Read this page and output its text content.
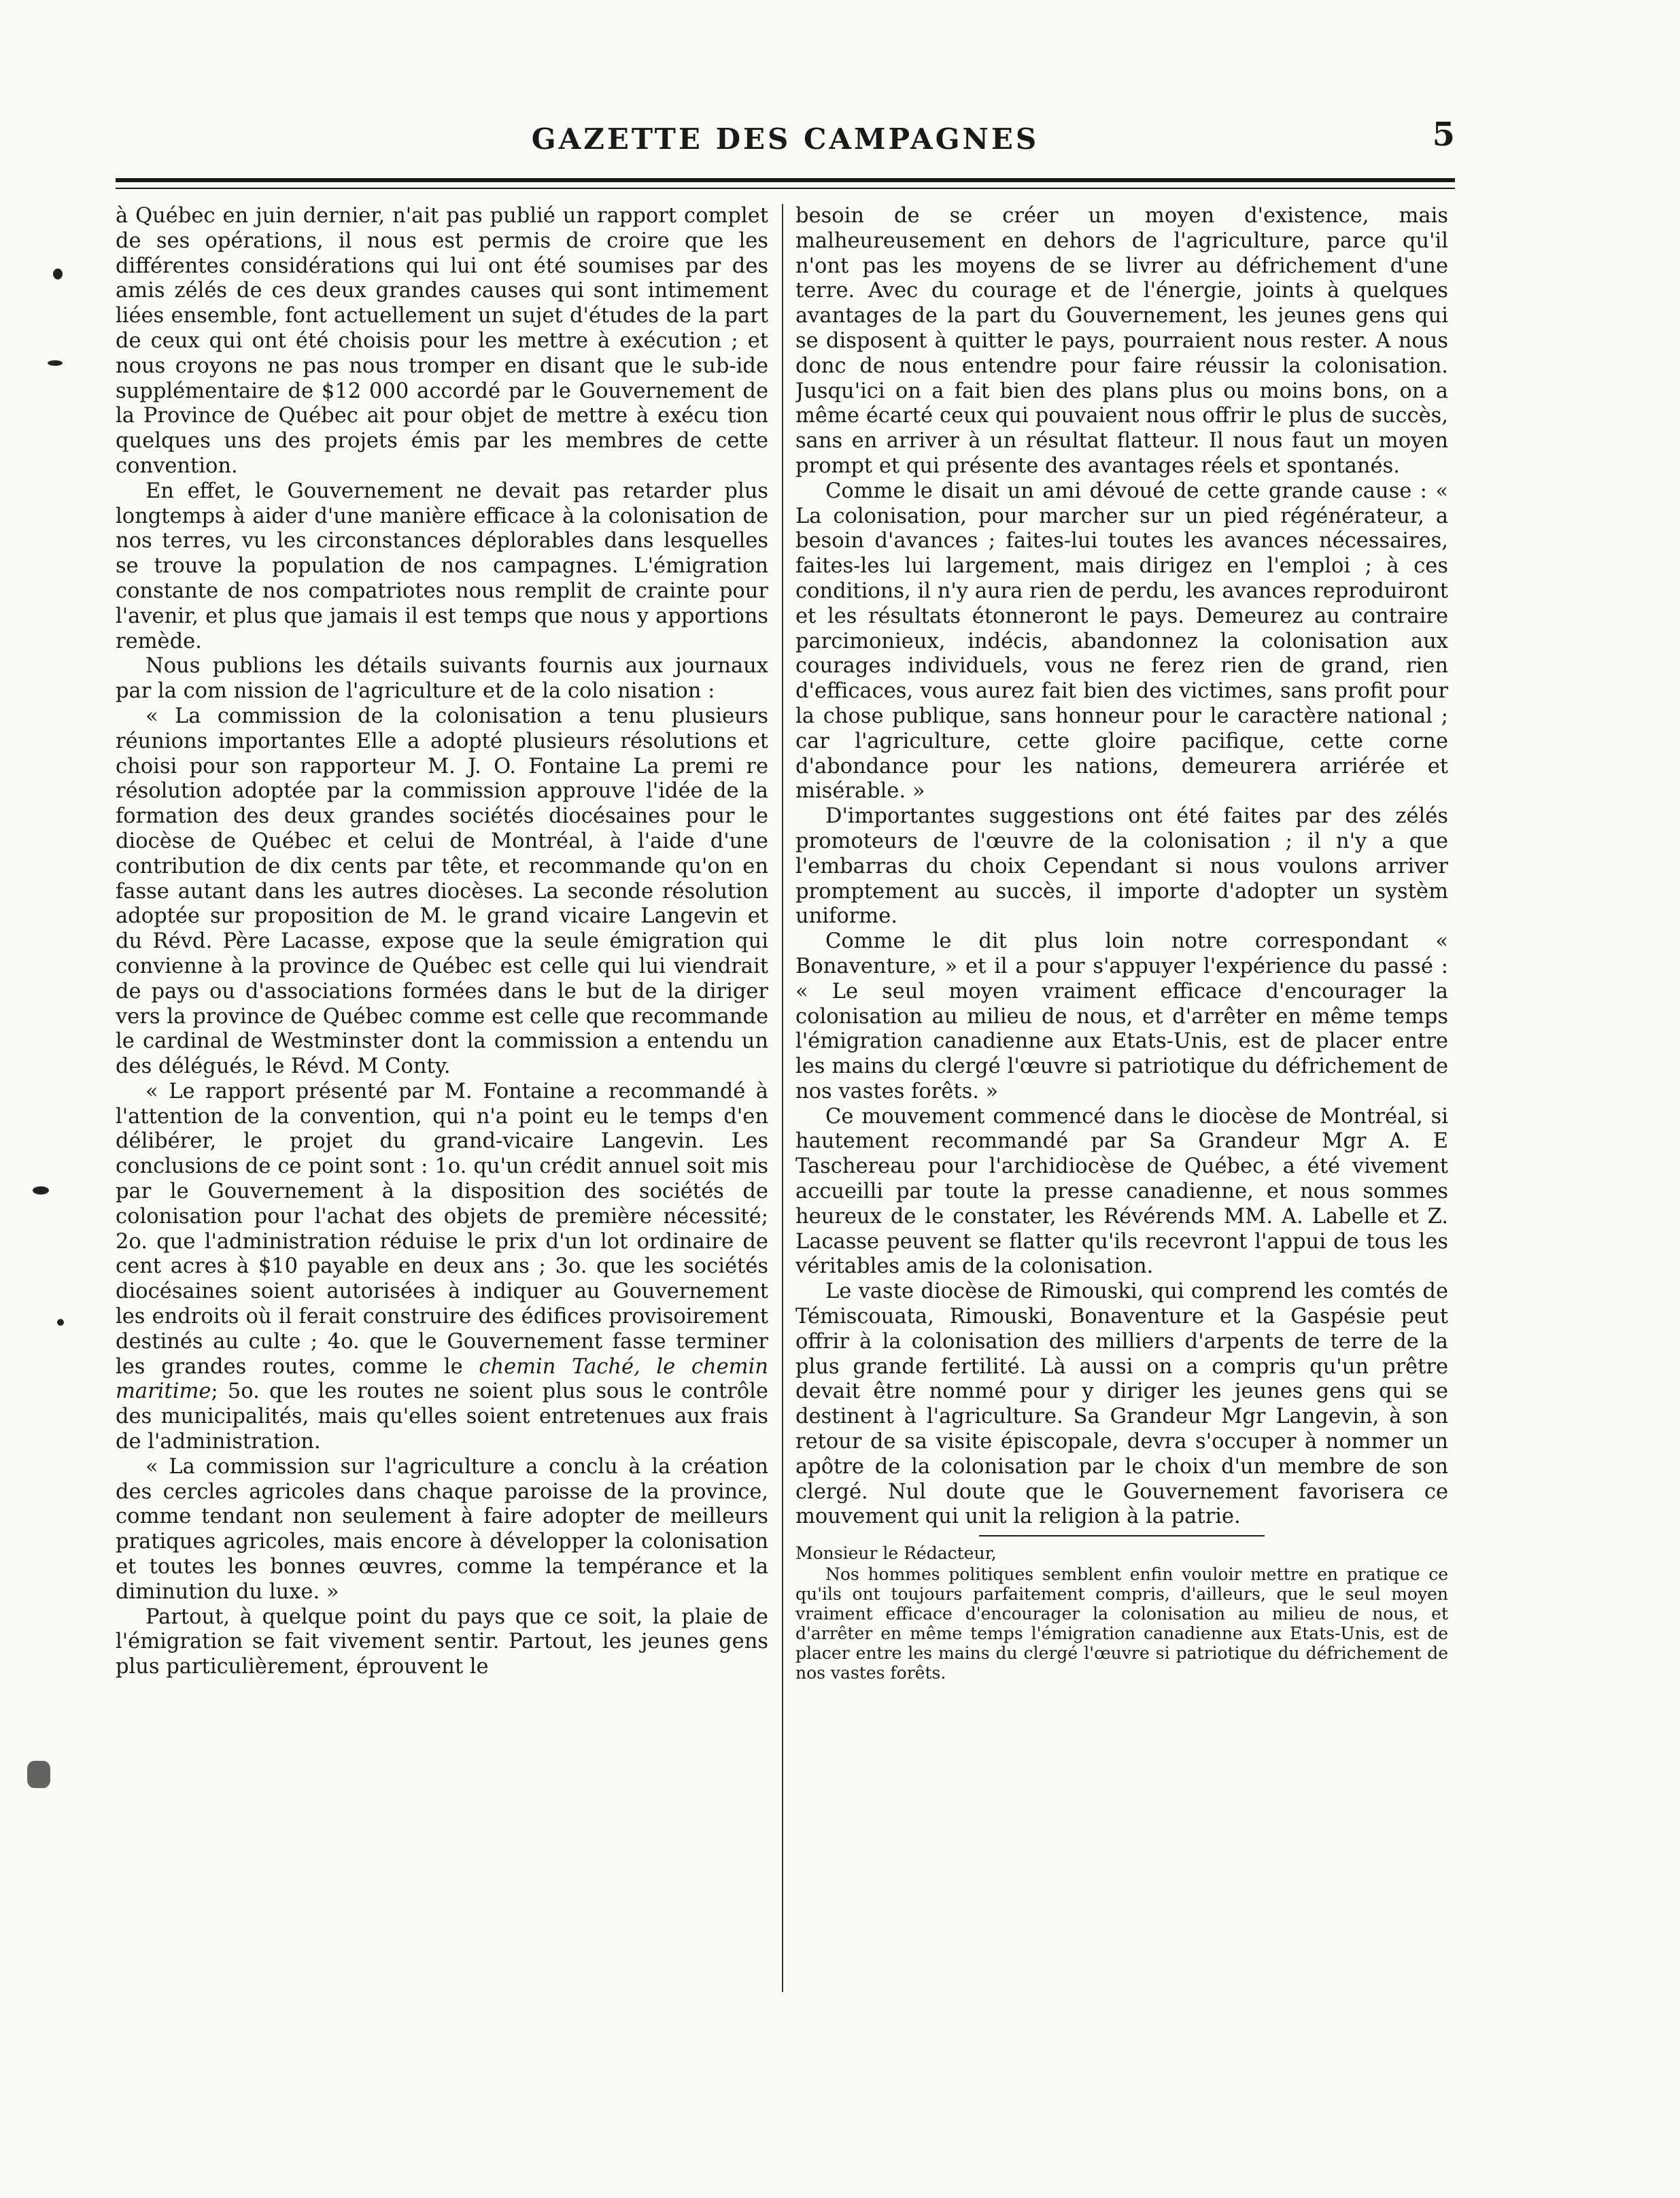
GAZETTE DES CAMPAGNES	5

à Québec en juin dernier, n'ait pas publié un rapport complet de ses opérations, il nous est permis de croire que les différentes considérations qui lui ont été soumises par des amis zélés de ces deux grandes causes qui sont intimement liées ensemble, font actuellement un sujet d'études de la part de ceux qui ont été choisis pour les mettre à exécution ; et nous croyons ne pas nous tromper en disant que le sub-ide supplémentaire de $12 000 accordé par le Gouvernement de la Province de Québec ait pour objet de mettre à exécu tion quelques uns des projets émis par les membres de cette convention.

En effet, le Gouvernement ne devait pas retarder plus longtemps à aider d'une manière efficace à la colonisation de nos terres, vu les circonstances déplorables dans lesquelles se trouve la population de nos campagnes. L'émigration constante de nos compatriotes nous remplit de crainte pour l'avenir, et plus que jamais il est temps que nous y apportions remède.

Nous publions les détails suivants fournis aux journaux par la com nission de l'agriculture et de la colo nisation :

« La commission de la colonisation a tenu plusieurs réunions importantes Elle a adopté plusieurs résolutions et choisi pour son rapporteur M. J. O. Fontaine La premi re résolution adoptée par la commission approuve l'idée de la formation des deux grandes sociétés diocésaines pour le diocèse de Québec et celui de Montréal, à l'aide d'une contribution de dix cents par tête, et recommande qu'on en fasse autant dans les autres diocèses. La seconde résolution adoptée sur proposition de M. le grand vicaire Langevin et du Révd. Père Lacasse, expose que la seule émigration qui convienne à la province de Québec est celle qui lui viendrait de pays ou d'associations formées dans le but de la diriger vers la province de Québec comme est celle que recommande le cardinal de Westminster dont la commission a entendu un des délégués, le Révd. M Conty.

« Le rapport présenté par M. Fontaine a recommandé à l'attention de la convention, qui n'a point eu le temps d'en délibérer, le projet du grand-vicaire Langevin. Les conclusions de ce point sont : 1o. qu'un crédit annuel soit mis par le Gouvernement à la disposition des sociétés de colonisation pour l'achat des objets de première nécessité; 2o. que l'administration réduise le prix d'un lot ordinaire de cent acres à $10 payable en deux ans ; 3o. que les sociétés diocésaines soient autorisées à indiquer au Gouvernement les endroits où il ferait construire des édifices provisoirement destinés au culte ; 4o. que le Gouvernement fasse terminer les grandes routes, comme le chemin Taché, le chemin maritime; 5o. que les routes ne soient plus sous le contrôle des municipalités, mais qu'elles soient entretenues aux frais de l'administration.

« La commission sur l'agriculture a conclu à la création des cercles agricoles dans chaque paroisse de la province, comme tendant non seulement à faire adopter de meilleurs pratiques agricoles, mais encore à développer la colonisation et toutes les bonnes œuvres, comme la tempérance et la diminution du luxe. »

Partout, à quelque point du pays que ce soit, la plaie de l'émigration se fait vivement sentir. Partout, les jeunes gens plus particulièrement, éprouvent le

besoin de se créer un moyen d'existence, mais malheureusement en dehors de l'agriculture, parce qu'il n'ont pas les moyens de se livrer au défrichement d'une terre. Avec du courage et de l'énergie, joints à quelques avantages de la part du Gouvernement, les jeunes gens qui se disposent à quitter le pays, pourraient nous rester. A nous donc de nous entendre pour faire réussir la colonisation. Jusqu'ici on a fait bien des plans plus ou moins bons, on a même écarté ceux qui pouvaient nous offrir le plus de succès, sans en arriver à un résultat flatteur. Il nous faut un moyen prompt et qui présente des avantages réels et spontanés.

Comme le disait un ami dévoué de cette grande cause : « La colonisation, pour marcher sur un pied régénérateur, a besoin d'avances ; faites-lui toutes les avances nécessaires, faites-les lui largement, mais dirigez en l'emploi ; à ces conditions, il n'y aura rien de perdu, les avances reproduiront et les résultats étonneront le pays. Demeurez au contraire parcimonieux, indécis, abandonnez la colonisation aux courages individuels, vous ne ferez rien de grand, rien d'efficaces, vous aurez fait bien des victimes, sans profit pour la chose publique, sans honneur pour le caractère national ; car l'agriculture, cette gloire pacifique, cette corne d'abondance pour les nations, demeurera arriérée et misérable. »

D'importantes suggestions ont été faites par des zélés promoteurs de l'œuvre de la colonisation ; il n'y a que l'embarras du choix Cependant si nous voulons arriver promptement au succès, il importe d'adopter un systèm uniforme.

Comme le dit plus loin notre correspondant « Bonaventure, » et il a pour s'appuyer l'expérience du passé : « Le seul moyen vraiment efficace d'encourager la colonisation au milieu de nous, et d'arrêter en même temps l'émigration canadienne aux Etats-Unis, est de placer entre les mains du clergé l'œuvre si patriotique du défrichement de nos vastes forêts. »

Ce mouvement commencé dans le diocèse de Montréal, si hautement recommandé par Sa Grandeur Mgr A. E Taschereau pour l'archidiocèse de Québec, a été vivement accueilli par toute la presse canadienne, et nous sommes heureux de le constater, les Révérends MM. A. Labelle et Z. Lacasse peuvent se flatter qu'ils recevront l'appui de tous les véritables amis de la colonisation.

Le vaste diocèse de Rimouski, qui comprend les comtés de Témiscouata, Rimouski, Bonaventure et la Gaspésie peut offrir à la colonisation des milliers d'arpents de terre de la plus grande fertilité. Là aussi on a compris qu'un prêtre devait être nommé pour y diriger les jeunes gens qui se destinent à l'agriculture. Sa Grandeur Mgr Langevin, à son retour de sa visite épiscopale, devra s'occuper à nommer un apôtre de la colonisation par le choix d'un membre de son clergé. Nul doute que le Gouvernement favorisera ce mouvement qui unit la religion à la patrie.

Monsieur le Rédacteur,

Nos hommes politiques semblent enfin vouloir mettre en pratique ce qu'ils ont toujours parfaitement compris, d'ailleurs, que le seul moyen vraiment efficace d'encourager la colonisation au milieu de nous, et d'arrêter en même temps l'émigration canadienne aux Etats-Unis, est de placer entre les mains du clergé l'œuvre si patriotique du défrichement de nos vastes forêts.
